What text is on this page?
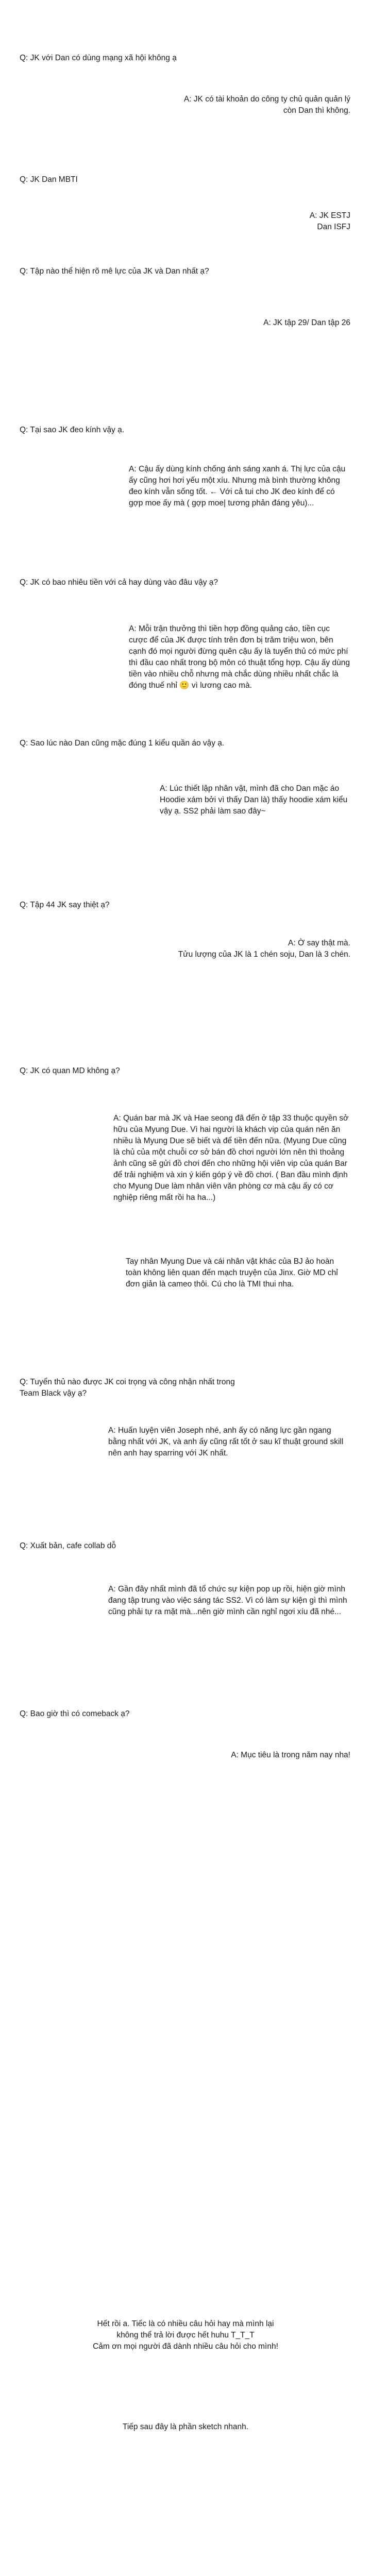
Q: JK với Dan có dùng mạng xã hội không ạ
A: JK có tài khoản do công ty chủ quản quản lý
còn Dan thì không.
Q: JK Dan MBTI
A: JK ESTJ
Dan ISFJ
Q: Tập nào thể hiện rõ mê lực của JK và Dan nhất ạ?
A: JK tập 29/ Dan tập 26
Q: Tại sao JK đeo kính vậy ạ.
A: Cậu ấy dùng kính chống ánh sáng xanh á. Thị lực của cậu ấy cũng hơi hơi yếu một xíu. Nhưng mà bình thường không đeo kính vẫn sống tốt. ← Với cả tui cho JK đeo kính để có gợp moe ấy mà ( gợp moe| tương phản đáng yêu)...
Q: JK có bao nhiêu tiền với cả hay dùng vào đâu vậy ạ?
A: Mỗi trận thưởng thì tiền hợp đồng quảng cáo, tiền cục cược để của JK được tính trên đơn bị trăm triệu won, bên cạnh đó mọi người đừng quên cậu ấy là tuyển thủ có mức phí thì đầu cao nhất trong bộ môn có thuật tổng hợp. Cậu ấy dùng tiền vào nhiều chỗ nhưng mà chắc dùng nhiều nhất chắc là đóng thuế nhỉ 🙂 vì lương cao mà.
Q: Sao lúc nào Dan cũng mặc đúng 1 kiểu quần áo vậy ạ.
A: Lúc thiết lập nhân vật, mình đã cho Dan mặc áo Hoodie xám bởi vì thấy Dan là) thấy hoodie xám kiểu vậy ạ. SS2 phải làm sao đây~
Q: Tập 44 JK say thiệt ạ?
A: Ờ say thật mà.
Tửu lượng của JK là 1 chén soju, Dan là 3 chén.
Q: JK có quan MD không ạ?
A: Quán bar mà JK và Hae seong đã đến ở tập 33 thuộc quyền sở hữu của Myung Due. Vì hai người là khách vip của quán nên ăn nhiều là Myung Due sẽ biết và để tiền đến nữa. (Myung Due cũng là chủ của một chuỗi cơ sở bán đồ chơi người lớn nên thì thoảng ảnh cũng sẽ gửi đồ chơi đến cho những hội viên vip của quán Bar để trải nghiệm và xin ý kiến góp ý về đồ chơi. ( Ban đầu mình định cho Myung Due làm nhân viên văn phòng cơ mà cậu ấy có cơ nghiệp riêng mất rồi ha ha...)
Tay nhân Myung Due và cái nhân vật khác của BJ ảo hoàn toàn không liên quan đến mạch truyện của Jinx. Giờ MD chỉ đơn giản là cameo thôi. Cú cho là TMI thui nha.
Q: Tuyển thủ nào được JK coi trọng và công nhận nhất trong
Team Black vậy ạ?
A: Huấn luyện viên Joseph nhé, anh ấy có năng lực gần ngang bằng nhất với JK, và anh ấy cũng rất tốt ở sau kĩ thuật ground skill nên anh hay sparring với JK nhất.
Q: Xuất bản, cafe collab dỗ
A: Gần đây nhất mình đã tổ chức sự kiện pop up rồi, hiện giờ mình đang tập trung vào việc sáng tác SS2. Vì có làm sự kiện gì thì mình cũng phải tự ra mặt mà...nên giờ mình cần nghỉ ngơi xíu đã nhé...
Q: Bao giờ thì có comeback ạ?
A: Mục tiêu là trong năm nay nha!
Hết rồi a. Tiếc là có nhiều câu hỏi hay mà mình lại
không thể trả lời được hết huhu T_T_T
Cảm ơn mọi người đã dành nhiều câu hỏi cho mình!
Tiếp sau đây là phần sketch nhanh.
